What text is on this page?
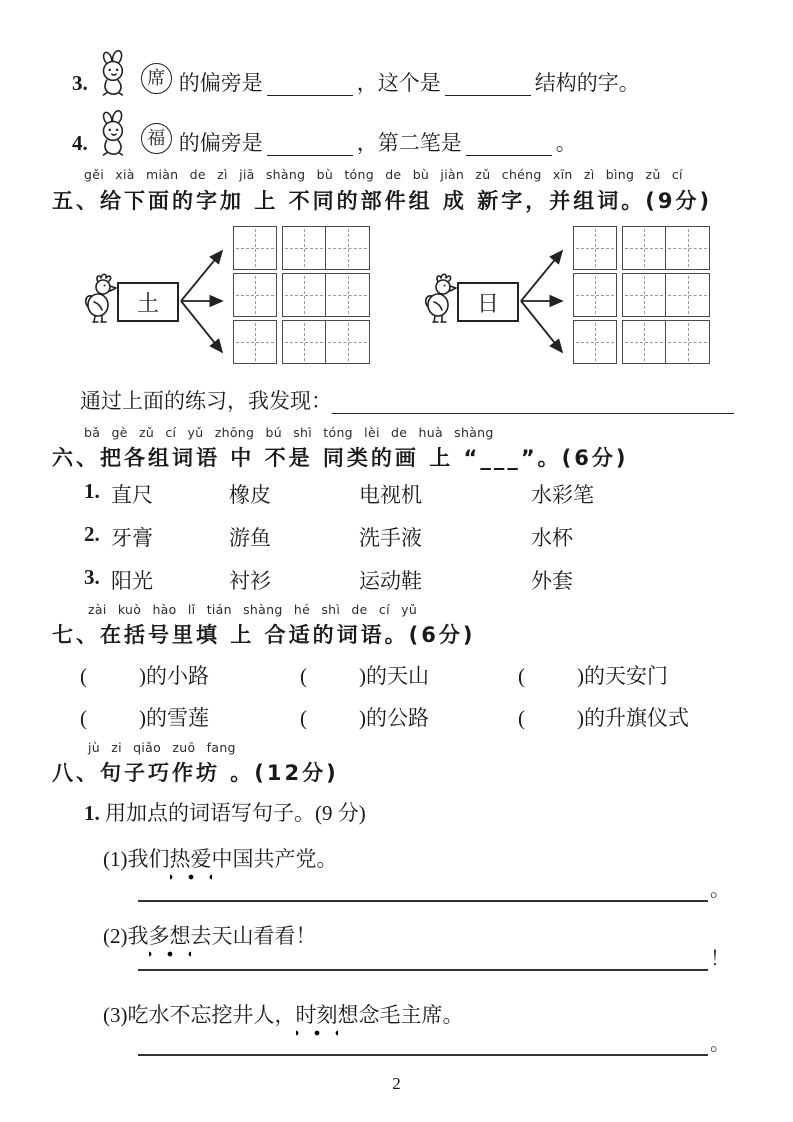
3.	席 的偏旁是	，这个是	结构的字。
4.	福 的偏旁是	，第二笔是	。
gěi xià miàn de zì jiā shàng bù tóng de bù jiàn zǔ chéng xīn zì bìng zǔ cí
五、给下面的字加 上 不同的部件组 成 新字，并组词。(9分)
土	日
通过上面的练习，我发现：
bǎ gè zǔ cí yǔ zhōng bú shì tóng lèi de huà shàng
六、把各组词语 中 不是 同类的画 上 “___”。(6分)
1. 直尺	橡皮	电视机	水彩笔
2. 牙膏	游鱼	洗手液	水杯
3. 阳光	衬衫	运动鞋	外套
zài kuò hào lǐ tián shàng hé shì de cí yǔ
七、在括号里填 上 合适的词语。(6分)
( )的小路	( )的天山	( )的天安门
( )的雪莲	( )的公路	( )的升旗仪式
jù zi qiǎo zuō fang
八、句子巧作坊 。(12分)
1. 用加点的词语写句子。(9 分)
(1)我们热爱中国共产党。
。
(2)我多想去天山看看！
！
(3)吃水不忘挖井人，时刻想念毛主席。
。
2
